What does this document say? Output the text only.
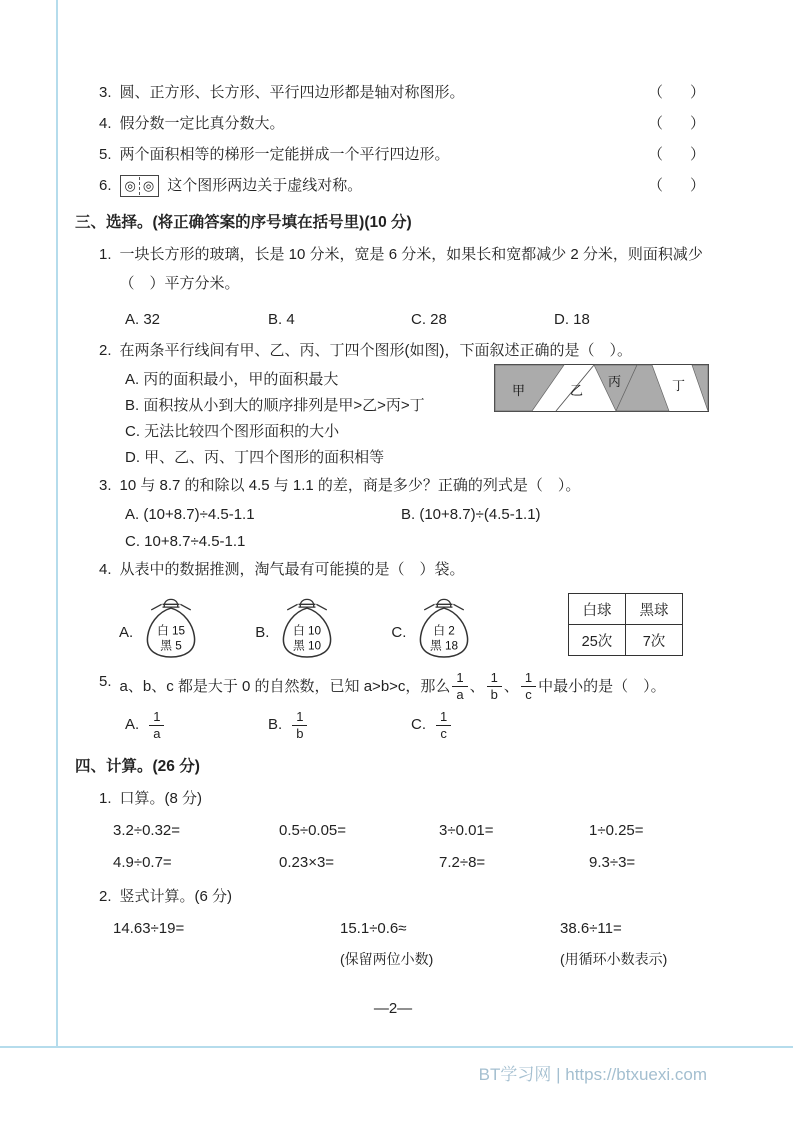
3. 圆、正方形、长方形、平行四边形都是轴对称图形。	（　）
4. 假分数一定比真分数大。	（　）
5. 两个面积相等的梯形一定能拼成一个平行四边形。	（　）
6. ◎ ◎ 这个图形两边关于虚线对称。	（　）
三、选择。(将正确答案的序号填在括号里)(10 分)
1. 一块长方形的玻璃，长是 10 分米，宽是 6 分米，如果长和宽都减少 2 分米，则面积减少
（　）平方分米。
A. 32	B. 4	C. 28	D. 18
2. 在两条平行线间有甲、乙、丙、丁四个图形(如图)，下面叙述正确的是（　）。
A. 丙的面积最小，甲的面积最大
B. 面积按从小到大的顺序排列是甲>乙>丙>丁
C. 无法比较四个图形面积的大小
D. 甲、乙、丙、丁四个图形的面积相等
甲	乙
丙	丁
3. 10 与 8.7 的和除以 4.5 与 1.1 的差，商是多少？正确的列式是（　）。
A. (10+8.7)÷4.5-1.1	B. (10+8.7)÷(4.5-1.1)
C. 10+8.7÷4.5-1.1
4. 从表中的数据推测，淘气最有可能摸的是（　）袋。
A. 白 15
黑 5
B. 白 10
黑 10
C. 白 2
黑 18
白球	黑球
25次	7次
5. a、b、c 都是大于 0 的自然数，已知 a>b>c，那么 $\frac{1}{a}$ 、 $\frac{1}{b}$ 、 $\frac{1}{c}$ 中最小的是（　）。
A. $\frac{1}{a}$	B. $\frac{1}{b}$	C. $\frac{1}{c}$
四、计算。(26 分)
1. 口算。(8 分)
3.2÷0.32=	0.5÷0.05=	3÷0.01=	1÷0.25=
4.9÷0.7=	0.23×3=	7.2÷8=	9.3÷3=
2. 竖式计算。(6 分)
14.63÷19=	15.1÷0.6≈
(保留两位小数)
38.6÷11=
(用循环小数表示)
—2—
BT学习网 | https://btxuexi.com
